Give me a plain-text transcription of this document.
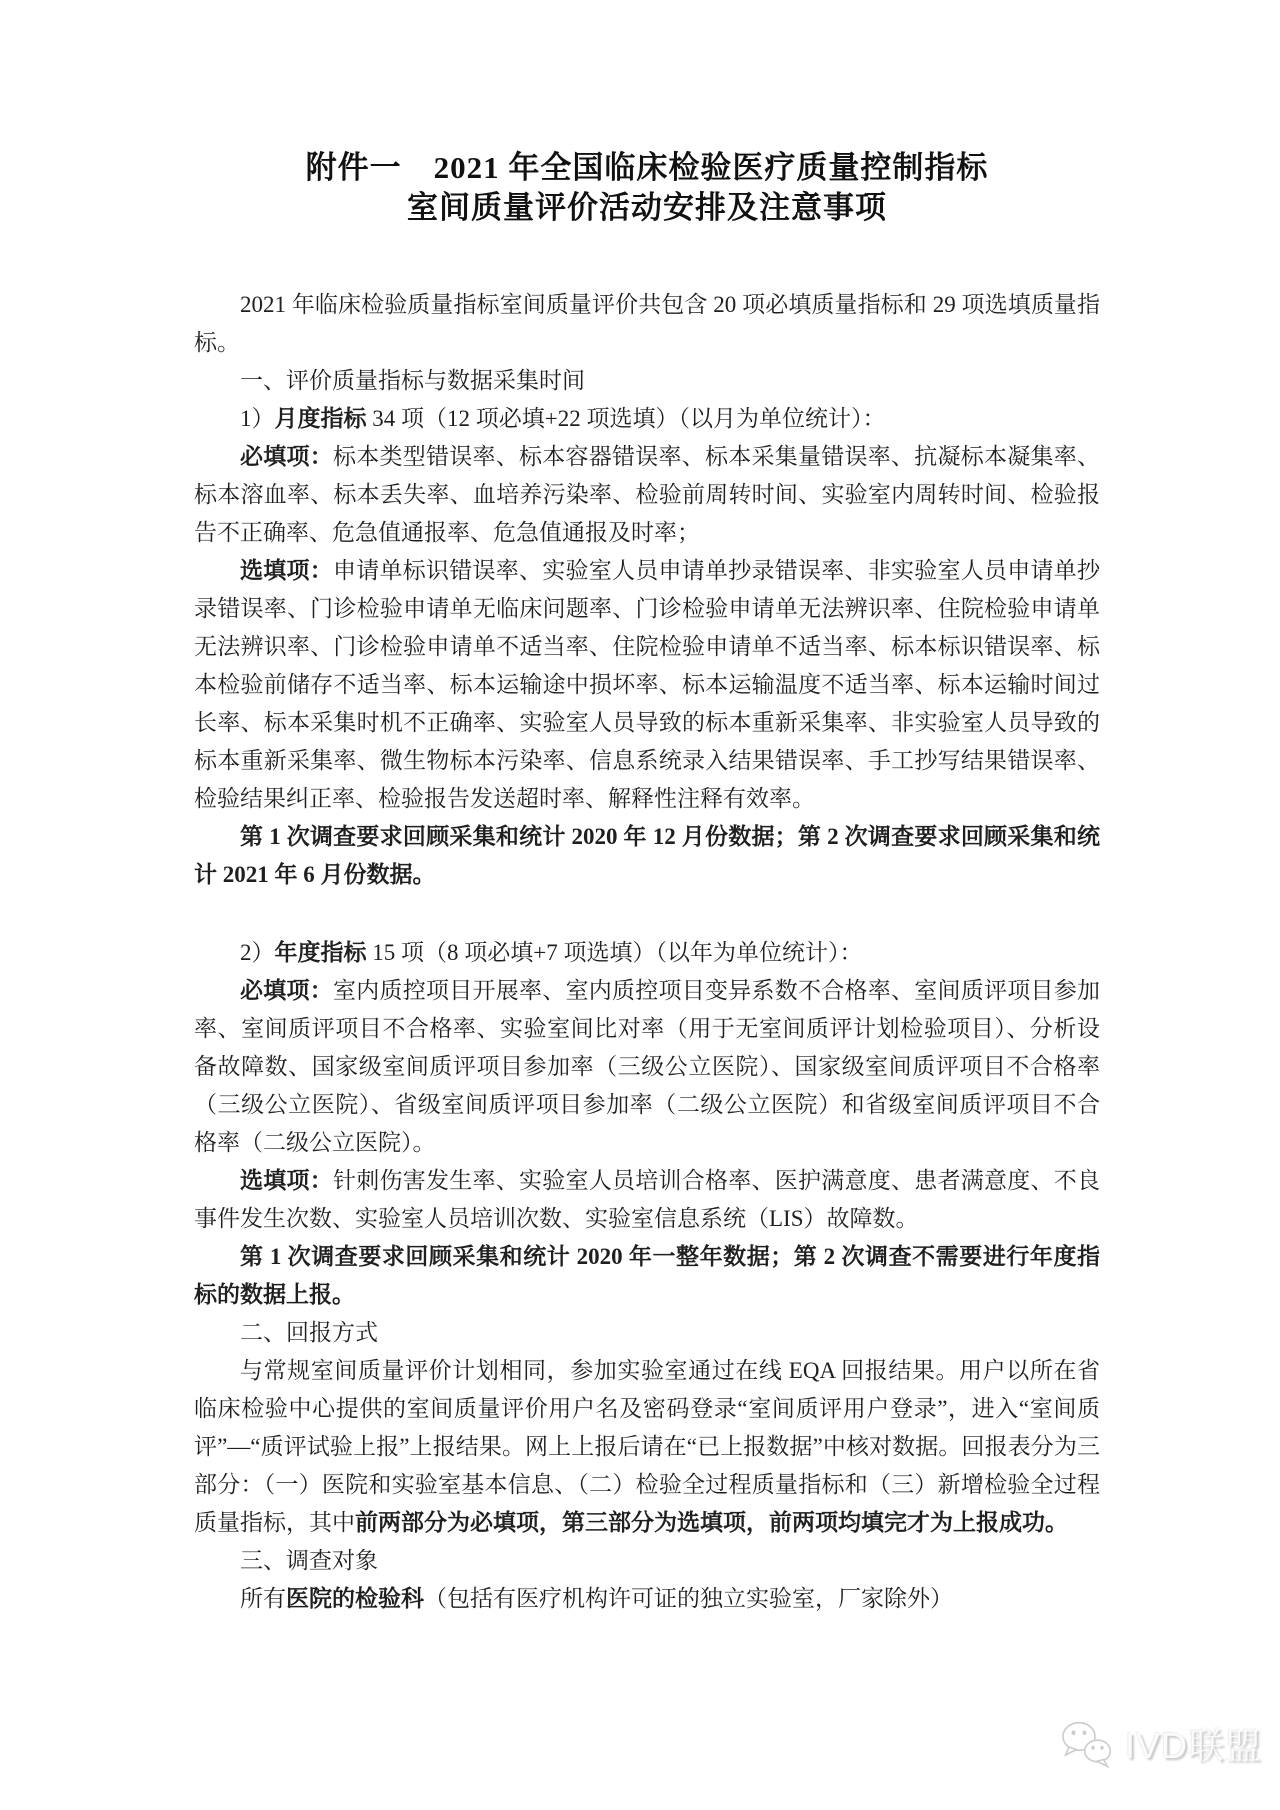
附件一　2021 年全国临床检验医疗质量控制指标
室间质量评价活动安排及注意事项

2021 年临床检验质量指标室间质量评价共包含 20 项必填质量指标和 29 项选填质量指标。

一、评价质量指标与数据采集时间

1）月度指标 34 项（12 项必填+22 项选填）（以月为单位统计）：

必填项：标本类型错误率、标本容器错误率、标本采集量错误率、抗凝标本凝集率、标本溶血率、标本丢失率、血培养污染率、检验前周转时间、实验室内周转时间、检验报告不正确率、危急值通报率、危急值通报及时率；

选填项：申请单标识错误率、实验室人员申请单抄录错误率、非实验室人员申请单抄录错误率、门诊检验申请单无临床问题率、门诊检验申请单无法辨识率、住院检验申请单无法辨识率、门诊检验申请单不适当率、住院检验申请单不适当率、标本标识错误率、标本检验前储存不适当率、标本运输途中损坏率、标本运输温度不适当率、标本运输时间过长率、标本采集时机不正确率、实验室人员导致的标本重新采集率、非实验室人员导致的标本重新采集率、微生物标本污染率、信息系统录入结果错误率、手工抄写结果错误率、检验结果纠正率、检验报告发送超时率、解释性注释有效率。

第 1 次调查要求回顾采集和统计 2020 年 12 月份数据；第 2 次调查要求回顾采集和统计 2021 年 6 月份数据。

2）年度指标 15 项（8 项必填+7 项选填）（以年为单位统计）：

必填项：室内质控项目开展率、室内质控项目变异系数不合格率、室间质评项目参加率、室间质评项目不合格率、实验室间比对率（用于无室间质评计划检验项目）、分析设备故障数、国家级室间质评项目参加率（三级公立医院）、国家级室间质评项目不合格率（三级公立医院）、省级室间质评项目参加率（二级公立医院）和省级室间质评项目不合格率（二级公立医院）。

选填项：针刺伤害发生率、实验室人员培训合格率、医护满意度、患者满意度、不良事件发生次数、实验室人员培训次数、实验室信息系统（LIS）故障数。

第 1 次调查要求回顾采集和统计 2020 年一整年数据；第 2 次调查不需要进行年度指标的数据上报。

二、回报方式

与常规室间质量评价计划相同，参加实验室通过在线 EQA 回报结果。用户以所在省临床检验中心提供的室间质量评价用户名及密码登录“室间质评用户登录”，进入“室间质评”—“质评试验上报”上报结果。网上上报后请在“已上报数据”中核对数据。回报表分为三部分：（一）医院和实验室基本信息、（二）检验全过程质量指标和（三）新增检验全过程质量指标，其中前两部分为必填项，第三部分为选填项，前两项均填完才为上报成功。

三、调查对象

所有医院的检验科（包括有医疗机构许可证的独立实验室，厂家除外）

IVD联盟
